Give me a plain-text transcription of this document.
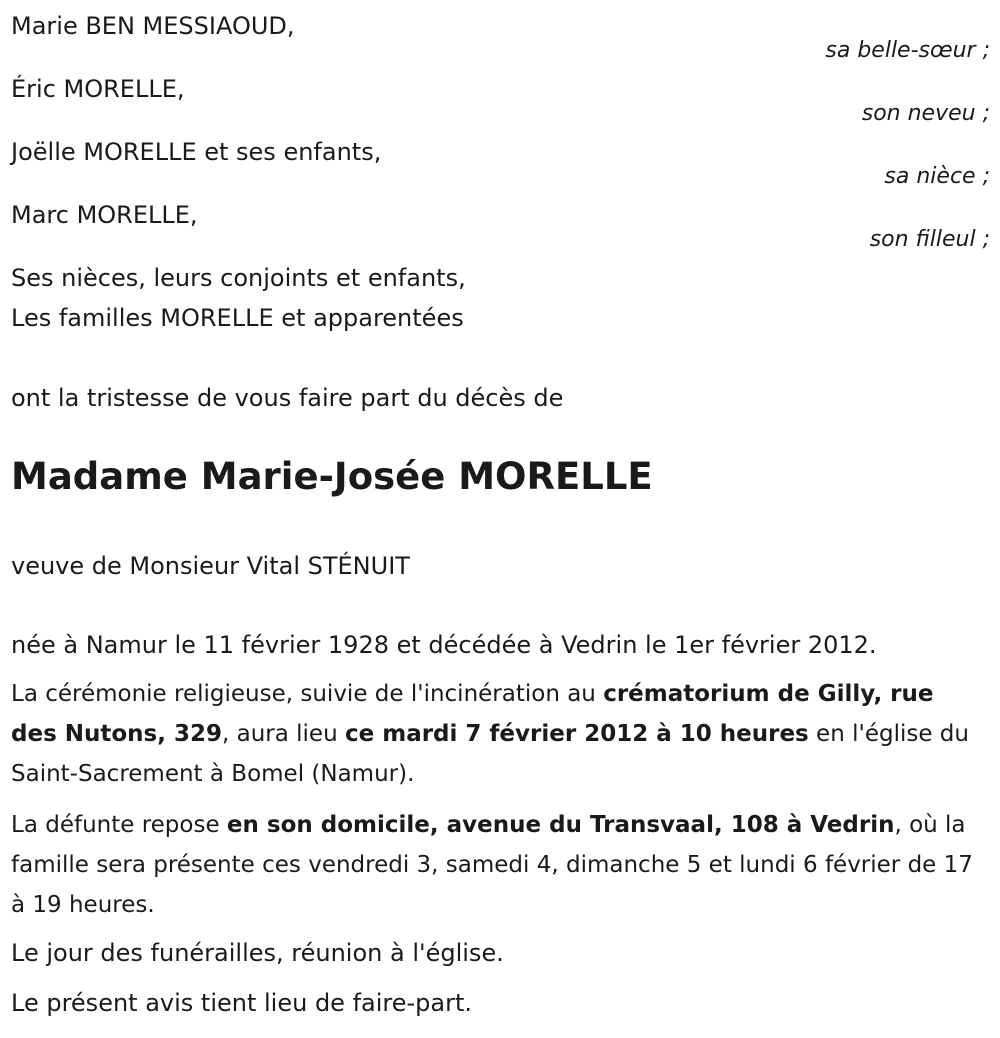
Marie BEN MESSIAOUD,
sa belle-sœur ;
Éric MORELLE,
son neveu ;
Joëlle MORELLE et ses enfants,
sa nièce ;
Marc MORELLE,
son filleul ;
Ses nièces, leurs conjoints et enfants,
Les familles MORELLE et apparentées
ont la tristesse de vous faire part du décès de
Madame Marie-Josée MORELLE
veuve de Monsieur Vital STÉNUIT
née à Namur le 11 février 1928 et décédée à Vedrin le 1er février 2012.
La cérémonie religieuse, suivie de l'incinération au crématorium de Gilly, rue des Nutons, 329, aura lieu ce mardi 7 février 2012 à 10 heures en l'église du Saint-Sacrement à Bomel (Namur).
La défunte repose en son domicile, avenue du Transvaal, 108 à Vedrin, où la famille sera présente ces vendredi 3, samedi 4, dimanche 5 et lundi 6 février de 17 à 19 heures.
Le jour des funérailles, réunion à l'église.
Le présent avis tient lieu de faire-part.
